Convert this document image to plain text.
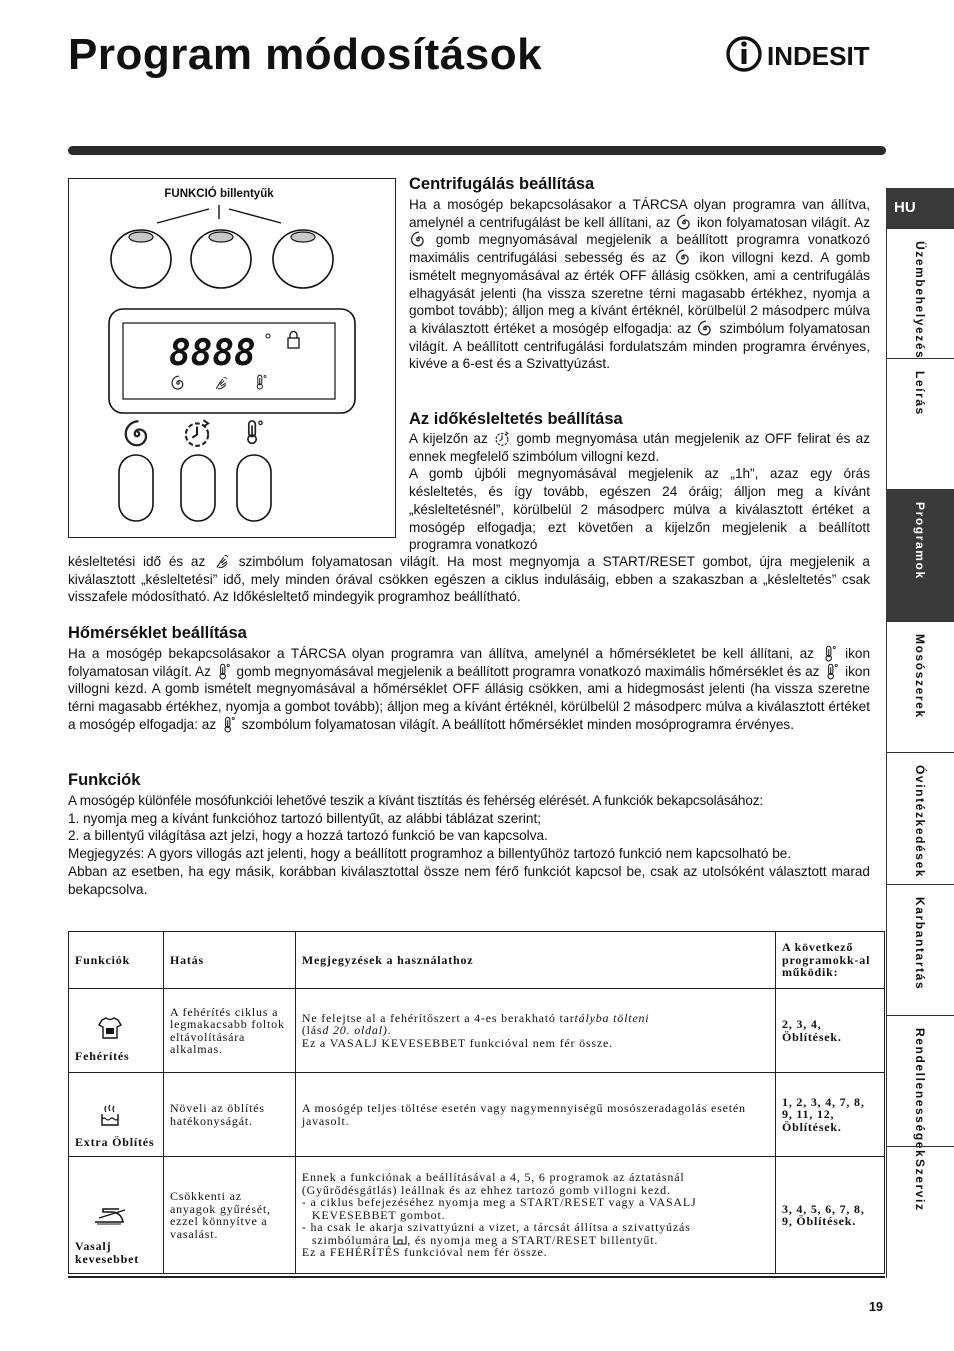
Program módosítások	INDESIT
HU
Üzembehelyezés
Leírás
Programok
Mosószerek
Óvintézkedések
Karbantartás
Rendellenességek
Szerviz
FUNKCIÓ billentyűk
8888
Centrifugálás beállítása
Ha a mosógép bekapcsolásakor a TÁRCSA olyan programra van állítva, amelynél a centrifugálást be kell állítani, az ikon folyamatosan világít. Az  gomb megnyomásával megjelenik a beállított programra vonatkozó maximális centrifugálási sebesség és az ikon villogni kezd. A gomb ismételt megnyomásával az érték OFF állásig csökken, ami a centrifugálás elhagyását jelenti (ha vissza szeretne térni magasabb értékhez, nyomja a gombot tovább); álljon meg a kívánt értéknél, körülbelül 2 másodperc múlva a kiválasztott értéket a mosógép elfogadja: az szimbólum folyamatosan világít. A beállított centrifugálási fordulatszám minden programra érvényes, kivéve a 6-est és a Szivattyúzást.
Az időkésleltetés beállítása

A kijelzőn az gomb megnyomása után megjelenik az OFF felirat és az ennek megfelelő szimbólum villogni kezd.

A gomb újbóli megnyomásával megjelenik az „1h”, azaz egy órás késleltetés, és így tovább, egészen 24 óráig; álljon meg a kívánt „késleltetésnél”, körülbelül 2 másodperc múlva a kiválasztott értéket a mosógép elfogadja; ezt követően a kijelzőn megjelenik a beállított programra vonatkozó

késleltetési idő és az szimbólum folyamatosan világít. Ha most megnyomja a START/RESET gombot, újra megjelenik a kiválasztott „késleltetési” idő, mely minden órával csökken egészen a ciklus indulásáig, ebben a szakaszban a „késleltetés” csak visszafele módosítható. Az Időkésleltető mindegyik programhoz beállítható.
Hőmérséklet beállítása
Ha a mosógép bekapcsolásakor a TÁRCSA olyan programra van állítva, amelynél a hőmérsékletet be kell állítani, az ikon folyamatosan világít. Az gomb megnyomásával megjelenik a beállított programra vonatkozó maximális hőmérséklet és az ikon villogni kezd. A gomb ismételt megnyomásával a hőmérséklet OFF állásig csökken, ami a hidegmosást jelenti (ha vissza szeretne térni magasabb értékhez, nyomja a gombot tovább); álljon meg a kívánt értéknél, körülbelül 2 másodperc múlva a kiválasztott értéket a mosógép elfogadja: az szombólum folyamatosan világít. A beállított hőmérséklet minden mosóprogramra érvényes.
Funkciók

A mosógép különféle mosófunkciói lehetővé teszik a kívánt tisztítás és fehérség elérését. A funkciók bekapcsolásához:

1. nyomja meg a kívánt funkcióhoz tartozó billentyűt, az alábbi táblázat szerint;

2. a billentyű világítása azt jelzi, hogy a hozzá tartozó funkció be van kapcsolva.

Megjegyzés: A gyors villogás azt jelenti, hogy a beállított programhoz a billentyűhöz tartozó funkció nem kapcsolható be.

Abban az esetben, ha egy másik, korábban kiválasztottal össze nem férő funkciót kapcsol be, csak az utolsóként választott marad bekapcsolva.

Funkciók	Hatás	Megjegyzések a használathoz	A következő programokk-al működik:

Fehérítés	A fehérítés ciklus a legmakacsabb foltok eltávolítására alkalmas.	Ne felejtse al a fehérítőszert a 4-es berakható tartályba tölteni
(lásd 20. oldal).
Ez a VASALJ KEVESEBBET funkcióval nem fér össze.	2, 3, 4, Öblítések.

Extra Öblítés	Növeli az öblítés hatékonyságát.	A mosógép teljes töltése esetén vagy nagymennyiségű mosószeradagolás esetén javasolt.	1, 2, 3, 4, 7, 8, 9, 11, 12, Öblítések.

Vasalj kevesebbet	Csökkenti az anyagok gyűrését, ezzel könnyítve a vasalást.	Ennek a funkciónak a beállításával a 4, 5, 6 programok az áztatásnál (Gyűrődésgátlás) leállnak és az ehhez tartozó gomb villogni kezd.
- a ciklus befejezéséhez nyomja meg a START/RESET vagy a VASALJ KEVESEBBET gombot.
- ha csak le akarja szivattyúzni a vizet, a tárcsát állítsa a szivattyúzás szimbólumára , és nyomja meg a START/RESET billentyűt.
Ez a FEHÉRÍTÉS funkcióval nem fér össze.	3, 4, 5, 6, 7, 8, 9, Öblítések.
19
